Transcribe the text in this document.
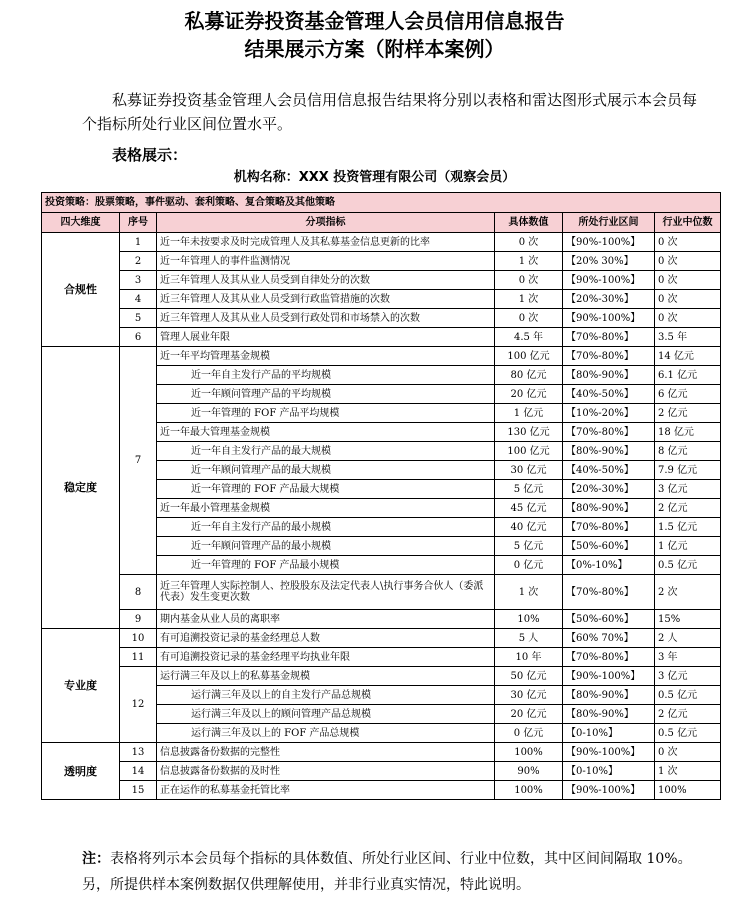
私募证券投资基金管理人会员信用信息报告
结果展示方案（附样本案例）
私募证券投资基金管理人会员信用信息报告结果将分别以表格和雷达图形式展示本会员每个指标所处行业区间位置水平。
表格展示：
机构名称：XXX 投资管理有限公司（观察会员）
投资策略：股票策略，事件驱动、套利策略、复合策略及其他策略					
四大维度	序号	分项指标	具体数值	所处行业区间	行业中位数
合规性	1	近一年未按要求及时完成管理人及其私募基金信息更新的比率	0 次	【90%-100%】	0 次
	2	近一年管理人的事件监测情况	1 次	【20% 30%】	0 次
	3	近三年管理人及其从业人员受到自律处分的次数	0 次	【90%-100%】	0 次
	4	近三年管理人及其从业人员受到行政监管措施的次数	1 次	【20%-30%】	0 次
	5	近三年管理人及其从业人员受到行政处罚和市场禁入的次数	0 次	【90%-100%】	0 次
	6	管理人展业年限	4.5 年	【70%-80%】	3.5 年
稳定度	7	近一年平均管理基金规模	100 亿元	【70%-80%】	14 亿元
		近一年自主发行产品的平均规模	80 亿元	【80%-90%】	6.1 亿元
		近一年顾问管理产品的平均规模	20 亿元	【40%-50%】	6 亿元
		近一年管理的 FOF 产品平均规模	1 亿元	【10%-20%】	2 亿元
		近一年最大管理基金规模	130 亿元	【70%-80%】	18 亿元
		近一年自主发行产品的最大规模	100 亿元	【80%-90%】	8 亿元
		近一年顾问管理产品的最大规模	30 亿元	【40%-50%】	7.9 亿元
		近一年管理的 FOF 产品最大规模	5 亿元	【20%-30%】	3 亿元
		近一年最小管理基金规模	45 亿元	【80%-90%】	2 亿元
		近一年自主发行产品的最小规模	40 亿元	【70%-80%】	1.5 亿元
		近一年顾问管理产品的最小规模	5 亿元	【50%-60%】	1 亿元
		近一年管理的 FOF 产品最小规模	0 亿元	【0%-10%】	0.5 亿元
	8	近三年管理人实际控制人、控股股东及法定代表人\执行事务合伙人（委派代表）发生变更次数	1 次	【70%-80%】	2 次
	9	期内基金从业人员的离职率	10%	【50%-60%】	15%
专业度	10	有可追溯投资记录的基金经理总人数	5 人	【60% 70%】	2 人
	11	有可追溯投资记录的基金经理平均执业年限	10 年	【70%-80%】	3 年
	12	运行满三年及以上的私募基金规模	50 亿元	【90%-100%】	3 亿元
		运行满三年及以上的自主发行产品总规模	30 亿元	【80%-90%】	0.5 亿元
		运行满三年及以上的顾问管理产品总规模	20 亿元	【80%-90%】	2 亿元
		运行满三年及以上的 FOF 产品总规模	0 亿元	【0-10%】	0.5 亿元
透明度	13	信息披露备份数据的完整性	100%	【90%-100%】	0 次
	14	信息披露备份数据的及时性	90%	【0-10%】	1 次
	15	正在运作的私募基金托管比率	100%	【90%-100%】	100%
注：表格将列示本会员每个指标的具体数值、所处行业区间、行业中位数，其中区间间隔取 10%。另，所提供样本案例数据仅供理解使用，并非行业真实情况，特此说明。
